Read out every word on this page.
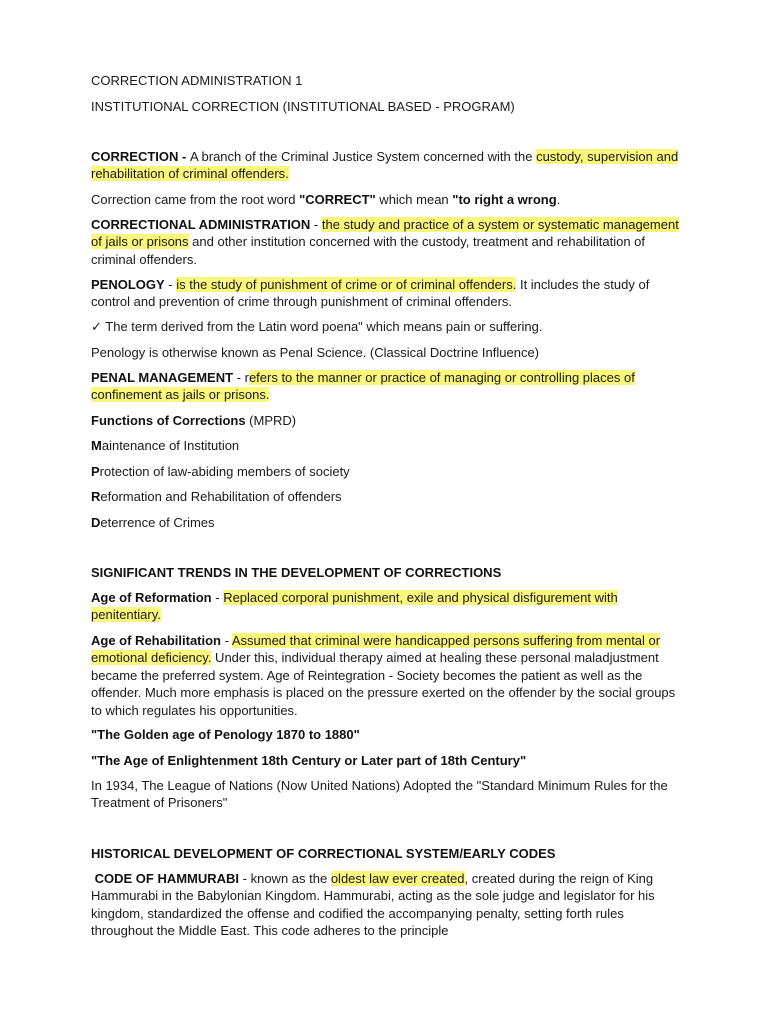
CORRECTION ADMINISTRATION 1

INSTITUTIONAL CORRECTION (INSTITUTIONAL BASED - PROGRAM)

CORRECTION - A branch of the Criminal Justice System concerned with the custody, supervision and rehabilitation of criminal offenders.

Correction came from the root word "CORRECT" which mean "to right a wrong.

CORRECTIONAL ADMINISTRATION - the study and practice of a system or systematic management of jails or prisons and other institution concerned with the custody, treatment and rehabilitation of criminal offenders.

PENOLOGY - is the study of punishment of crime or of criminal offenders. It includes the study of control and prevention of crime through punishment of criminal offenders.

✓ The term derived from the Latin word poena" which means pain or suffering.

Penology is otherwise known as Penal Science. (Classical Doctrine Influence)

PENAL MANAGEMENT - refers to the manner or practice of managing or controlling places of confinement as jails or prisons.

Functions of Corrections (MPRD)

Maintenance of Institution

Protection of law-abiding members of society

Reformation and Rehabilitation of offenders

Deterrence of Crimes

SIGNIFICANT TRENDS IN THE DEVELOPMENT OF CORRECTIONS

Age of Reformation - Replaced corporal punishment, exile and physical disfigurement with penitentiary.

Age of Rehabilitation - Assumed that criminal were handicapped persons suffering from mental or emotional deficiency. Under this, individual therapy aimed at healing these personal maladjustment became the preferred system. Age of Reintegration - Society becomes the patient as well as the offender. Much more emphasis is placed on the pressure exerted on the offender by the social groups to which regulates his opportunities.

"The Golden age of Penology 1870 to 1880"

"The Age of Enlightenment 18th Century or Later part of 18th Century"

In 1934, The League of Nations (Now United Nations) Adopted the "Standard Minimum Rules for the Treatment of Prisoners"

HISTORICAL DEVELOPMENT OF CORRECTIONAL SYSTEM/EARLY CODES

CODE OF HAMMURABI - known as the oldest law ever created, created during the reign of King Hammurabi in the Babylonian Kingdom. Hammurabi, acting as the sole judge and legislator for his kingdom, standardized the offense and codified the accompanying penalty, setting forth rules throughout the Middle East. This code adheres to the principle
